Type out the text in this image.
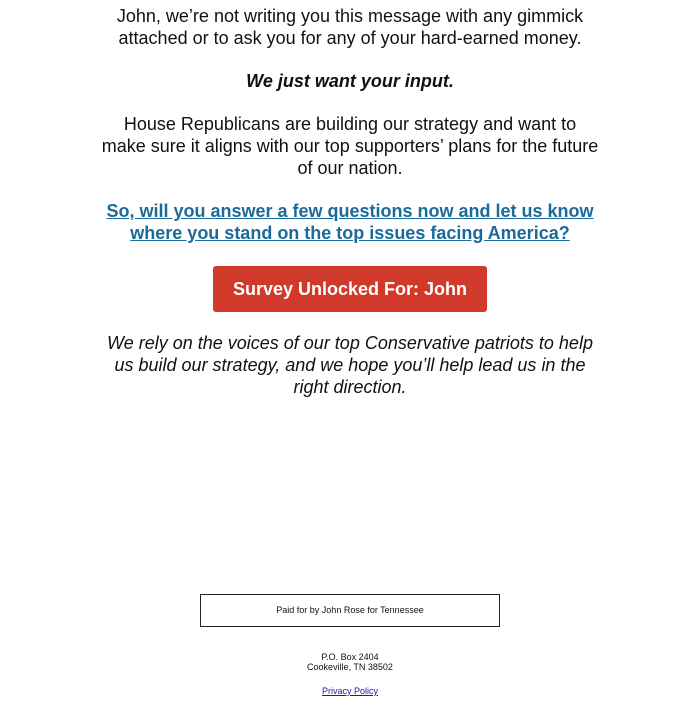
John, we’re not writing you this message with any gimmick attached or to ask you for any of your hard-earned money.

We just want your input.

House Republicans are building our strategy and want to make sure it aligns with our top supporters’ plans for the future of our nation.

So, will you answer a few questions now and let us know where you stand on the top issues facing America?

Survey Unlocked For: John

We rely on the voices of our top Conservative patriots to help us build our strategy, and we hope you’ll help lead us in the right direction.

Paid for by John Rose for Tennessee
P.O. Box 2404
Cookeville, TN 38502
Privacy Policy
